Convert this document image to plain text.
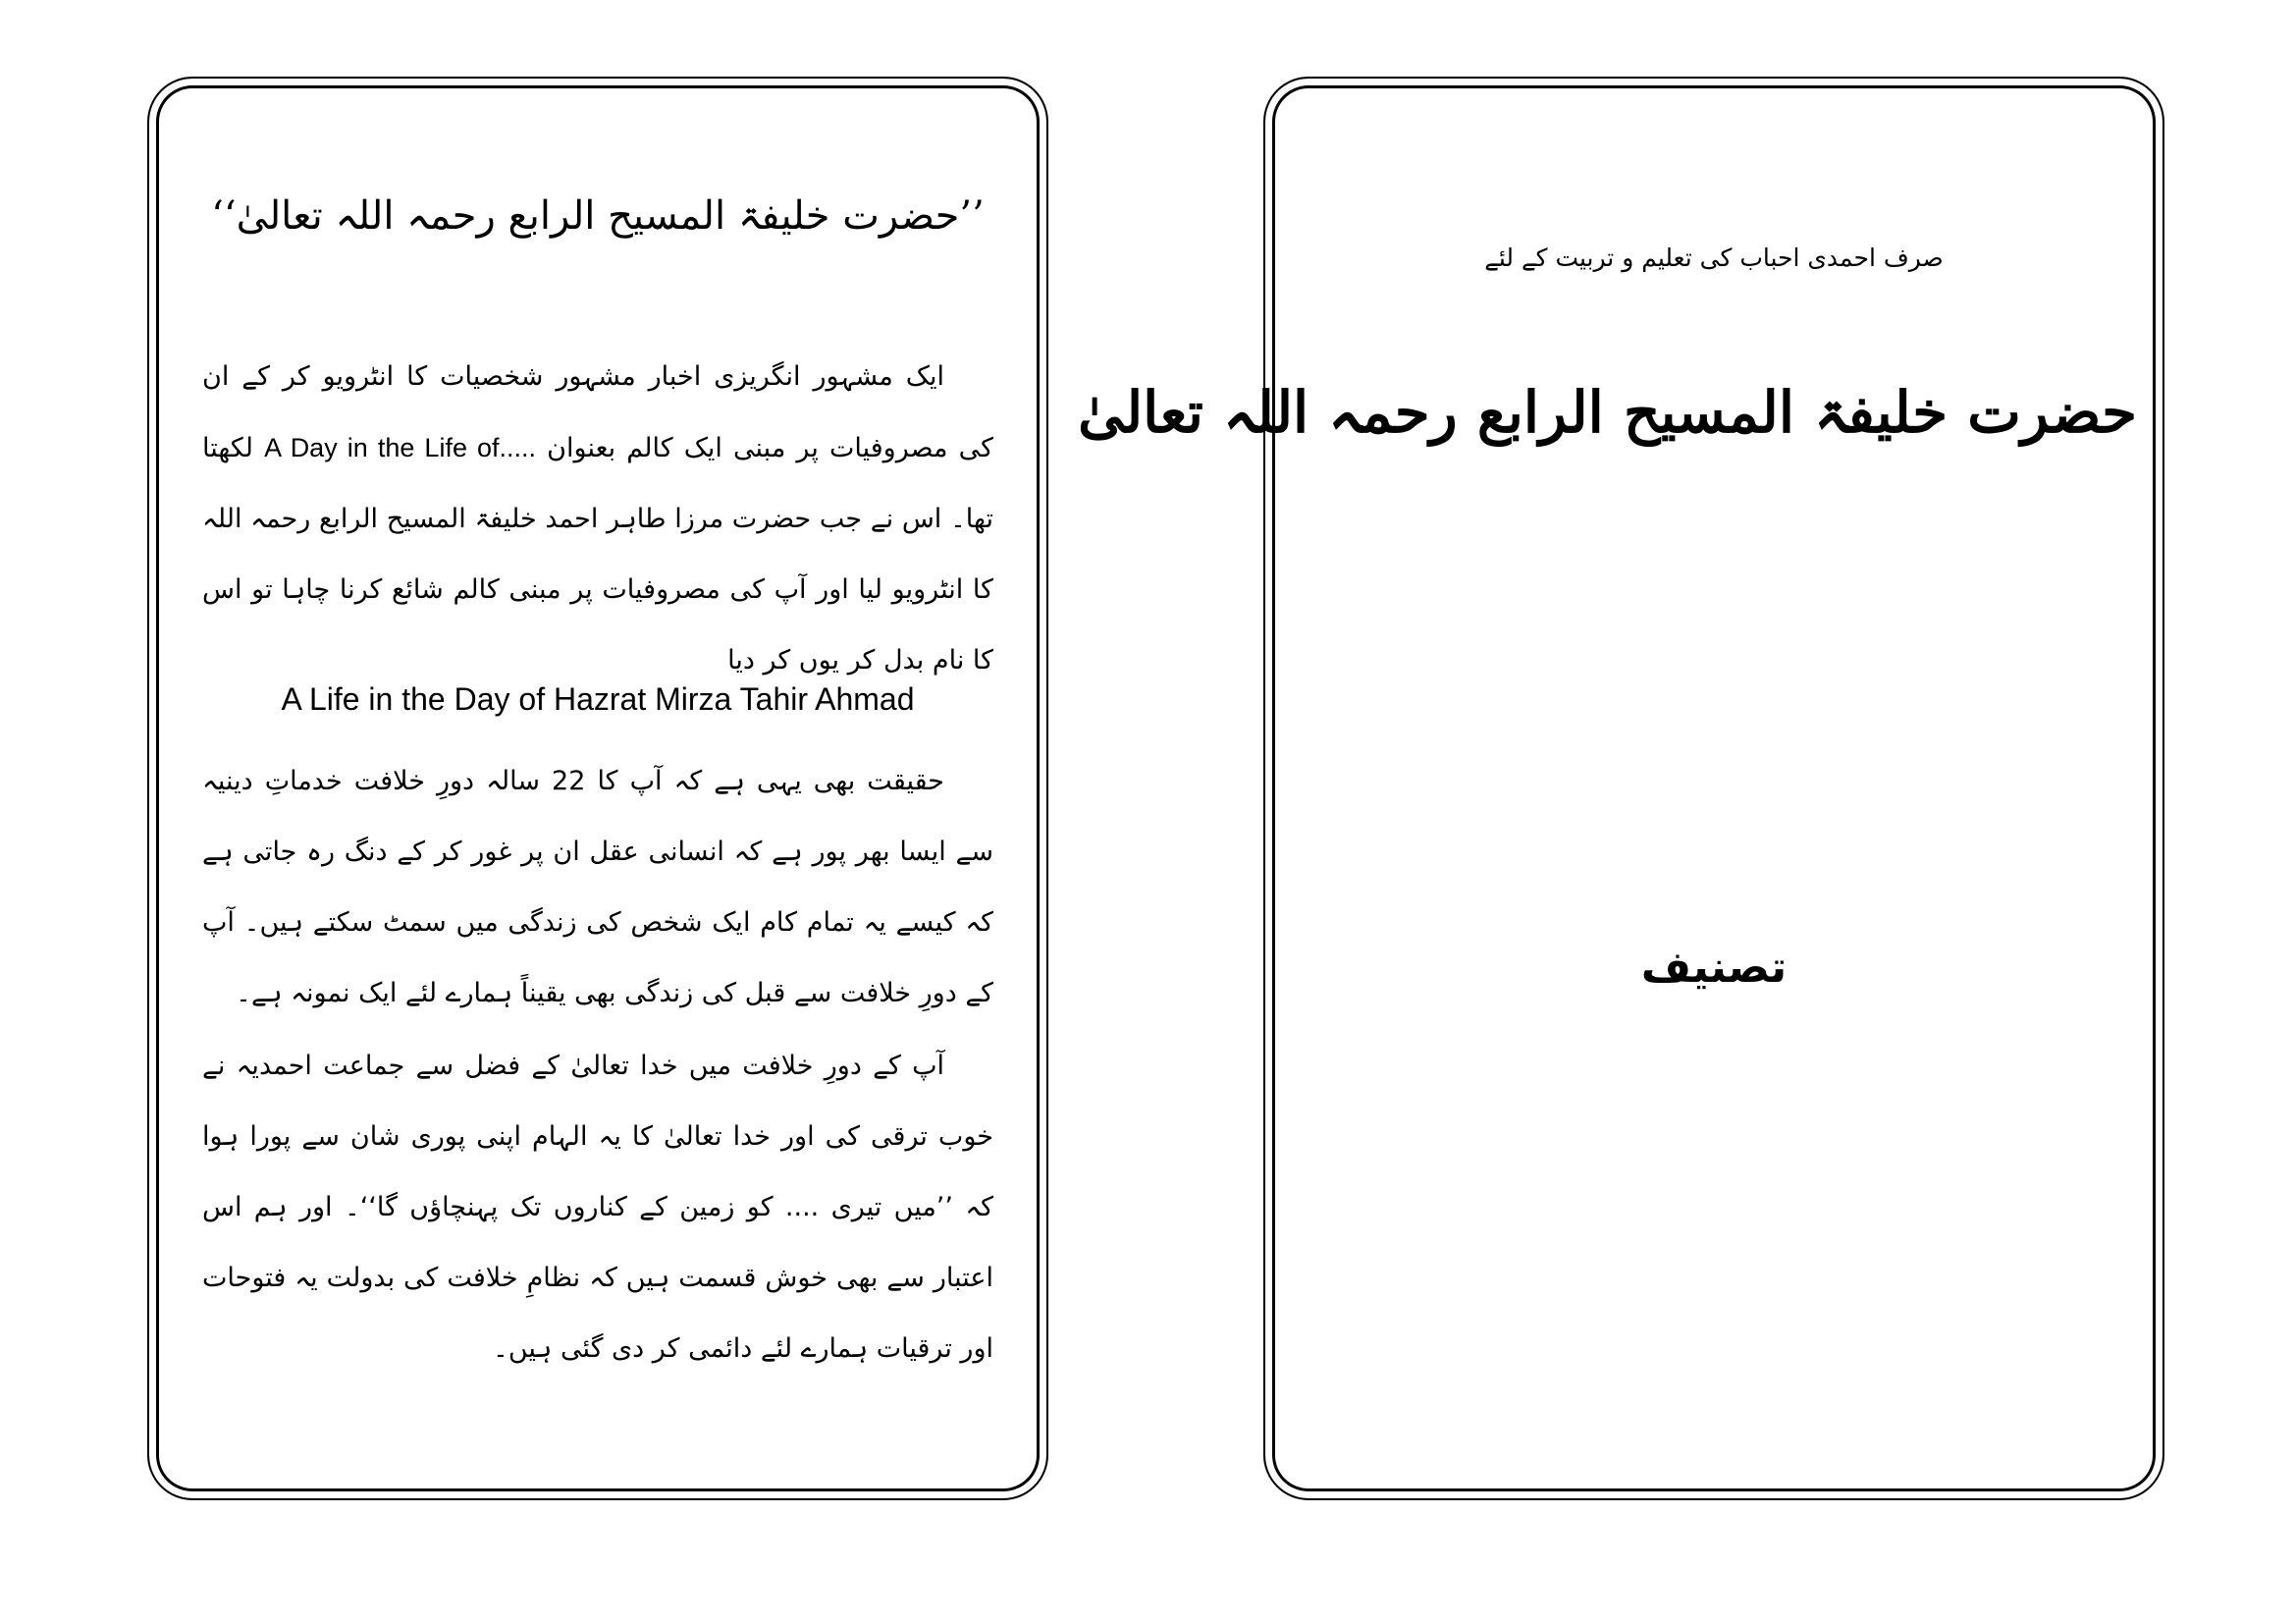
’’حضرت خلیفۃ المسیح الرابع رحمہ اللہ تعالیٰ‘‘

ایک مشہور انگریزی اخبار مشہور شخصیات کا انٹرویو کر کے ان کی مصروفیات پر مبنی ایک کالم بعنوان A Day in the Life of..... لکھتا تھا۔ اس نے جب حضرت مرزا طاہر احمد خلیفۃ المسیح الرابع رحمہ اللہ کا انٹرویو لیا اور آپ کی مصروفیات پر مبنی کالم شائع کرنا چاہا تو اس کا نام بدل کر یوں کر دیا

A Life in the Day of Hazrat Mirza Tahir Ahmad

حقیقت بھی یہی ہے کہ آپ کا 22 سالہ دورِ خلافت خدماتِ دینیہ سے ایسا بھر پور ہے کہ انسانی عقل ان پر غور کر کے دنگ رہ جاتی ہے کہ کیسے یہ تمام کام ایک شخص کی زندگی میں سمٹ سکتے ہیں۔ آپ کے دورِ خلافت سے قبل کی زندگی بھی یقیناً ہمارے لئے ایک نمونہ ہے۔

آپ کے دورِ خلافت میں خدا تعالیٰ کے فضل سے جماعت احمدیہ نے خوب ترقی کی اور خدا تعالیٰ کا یہ الہام اپنی پوری شان سے پورا ہوا کہ ’’میں تیری .... کو زمین کے کناروں تک پہنچاؤں گا‘‘۔ اور ہم اس اعتبار سے بھی خوش قسمت ہیں کہ نظامِ خلافت کی بدولت یہ فتوحات اور ترقیات ہمارے لئے دائمی کر دی گئی ہیں۔

صرف احمدی احباب کی تعلیم و تربیت کے لئے
حضرت خلیفۃ المسیح الرابع رحمہ اللہ تعالیٰ
تصنیف
